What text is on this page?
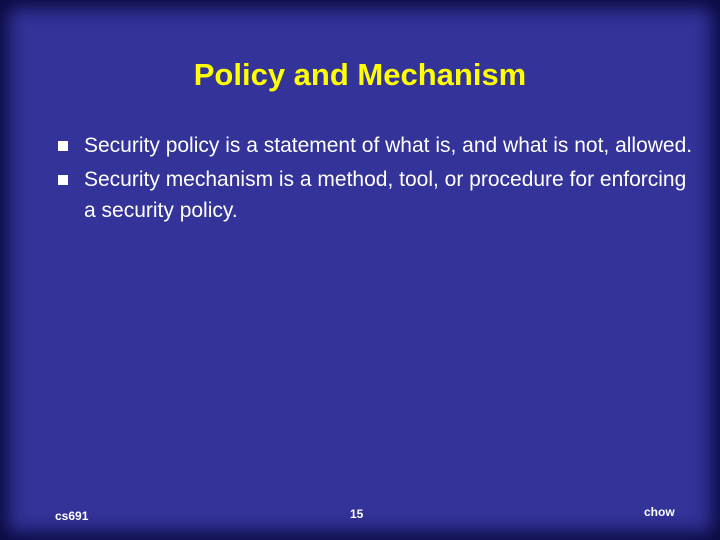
Policy and Mechanism
Security policy is a statement of what is, and what is not, allowed.
Security mechanism is a method, tool, or procedure for enforcing a security policy.
cs691	15	chow
